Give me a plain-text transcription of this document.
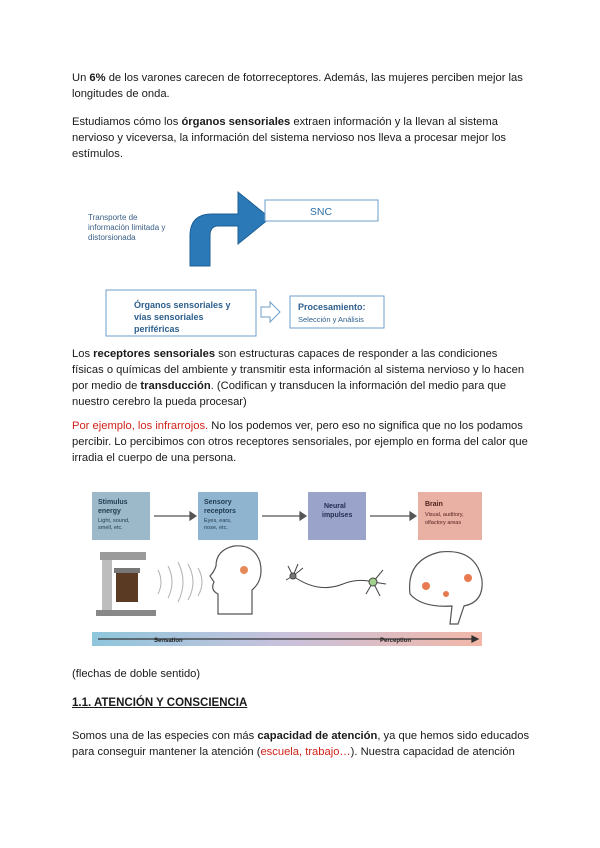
Un 6% de los varones carecen de fotorreceptores. Además, las mujeres perciben mejor las longitudes de onda.

Estudiamos cómo los órganos sensoriales extraen información y la llevan al sistema nervioso y viceversa, la información del sistema nervioso nos lleva a procesar mejor los estímulos.

Transporte de
información limitada y
distorsionada
SNC
Órganos sensoriales y
vías sensoriales
periféricas
Procesamiento:
Selección y Análisis

Los receptores sensoriales son estructuras capaces de responder a las condiciones físicas o químicas del ambiente y transmitir esta información al sistema nervioso y lo hacen por medio de transducción. (Codifican y transducen la información del medio para que nuestro cerebro la pueda procesar)

Por ejemplo, los infrarrojos. No los podemos ver, pero eso no significa que no los podamos percibir. Lo percibimos con otros receptores sensoriales, por ejemplo en forma del calor que irradia el cuerpo de una persona.

Stimulus
energy
Light, sound,
smell, etc.
Sensory
receptors
Eyes, ears,
nose, etc.
Neural
impulses
Brain
Visual, auditory,
olfactory areas
Sensation	Perception

(flechas de doble sentido)

1.1. ATENCIÓN Y CONSCIENCIA

Somos una de las especies con más capacidad de atención, ya que hemos sido educados para conseguir mantener la atención (escuela, trabajo…). Nuestra capacidad de atención
